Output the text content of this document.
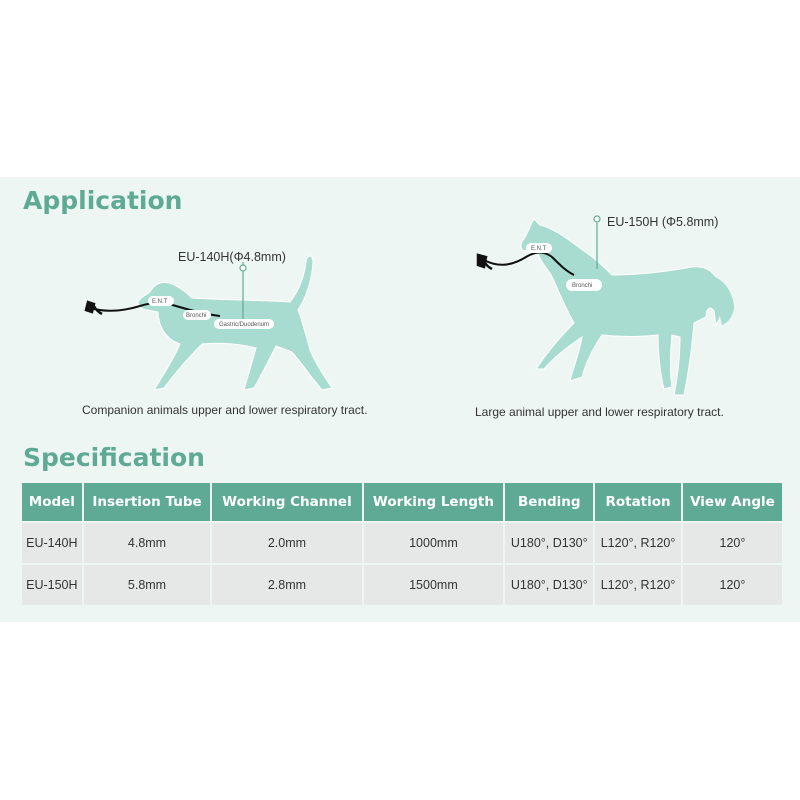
Application
E.N.T
Bronchi
Gastric/Duodenum
EU-140H(Φ4.8mm)
Companion animals upper and lower respiratory tract.
E.N.T
Bronchi
EU-150H (Φ5.8mm)
Large animal upper and lower respiratory tract.
Specification
Model	Insertion Tube	Working Channel	Working Length	Bending	Rotation	View Angle
EU-140H	4.8mm	2.0mm	1000mm	U180°, D130°	L120°, R120°	120°
EU-150H	5.8mm	2.8mm	1500mm	U180°, D130°	L120°, R120°	120°
